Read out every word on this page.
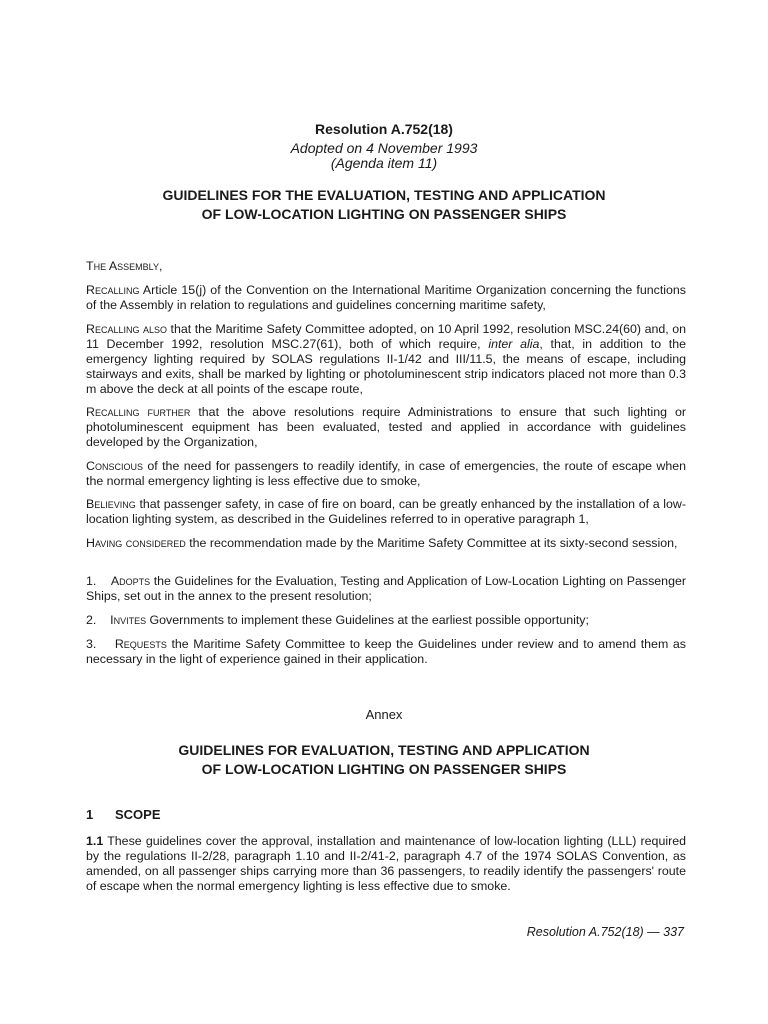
Resolution A.752(18)
Adopted on 4 November 1993
(Agenda item 11)
GUIDELINES FOR THE EVALUATION, TESTING AND APPLICATION
OF LOW-LOCATION LIGHTING ON PASSENGER SHIPS
The Assembly,
Recalling Article 15(j) of the Convention on the International Maritime Organization concerning the functions of the Assembly in relation to regulations and guidelines concerning maritime safety,
Recalling also that the Maritime Safety Committee adopted, on 10 April 1992, resolution MSC.24(60) and, on 11 December 1992, resolution MSC.27(61), both of which require, inter alia, that, in addition to the emergency lighting required by SOLAS regulations II-1/42 and III/11.5, the means of escape, including stairways and exits, shall be marked by lighting or photoluminescent strip indicators placed not more than 0.3 m above the deck at all points of the escape route,
Recalling further that the above resolutions require Administrations to ensure that such lighting or photoluminescent equipment has been evaluated, tested and applied in accordance with guidelines developed by the Organization,
Conscious of the need for passengers to readily identify, in case of emergencies, the route of escape when the normal emergency lighting is less effective due to smoke,
Believing that passenger safety, in case of fire on board, can be greatly enhanced by the installation of a low-location lighting system, as described in the Guidelines referred to in operative paragraph 1,
Having considered the recommendation made by the Maritime Safety Committee at its sixty-second session,
1. Adopts the Guidelines for the Evaluation, Testing and Application of Low-Location Lighting on Passenger Ships, set out in the annex to the present resolution;
2. Invites Governments to implement these Guidelines at the earliest possible opportunity;
3. Requests the Maritime Safety Committee to keep the Guidelines under review and to amend them as necessary in the light of experience gained in their application.
Annex
GUIDELINES FOR EVALUATION, TESTING AND APPLICATION
OF LOW-LOCATION LIGHTING ON PASSENGER SHIPS
1 SCOPE
1.1 These guidelines cover the approval, installation and maintenance of low-location lighting (LLL) required by the regulations II-2/28, paragraph 1.10 and II-2/41-2, paragraph 4.7 of the 1974 SOLAS Convention, as amended, on all passenger ships carrying more than 36 passengers, to readily identify the passengers' route of escape when the normal emergency lighting is less effective due to smoke.
Resolution A.752(18) — 337
